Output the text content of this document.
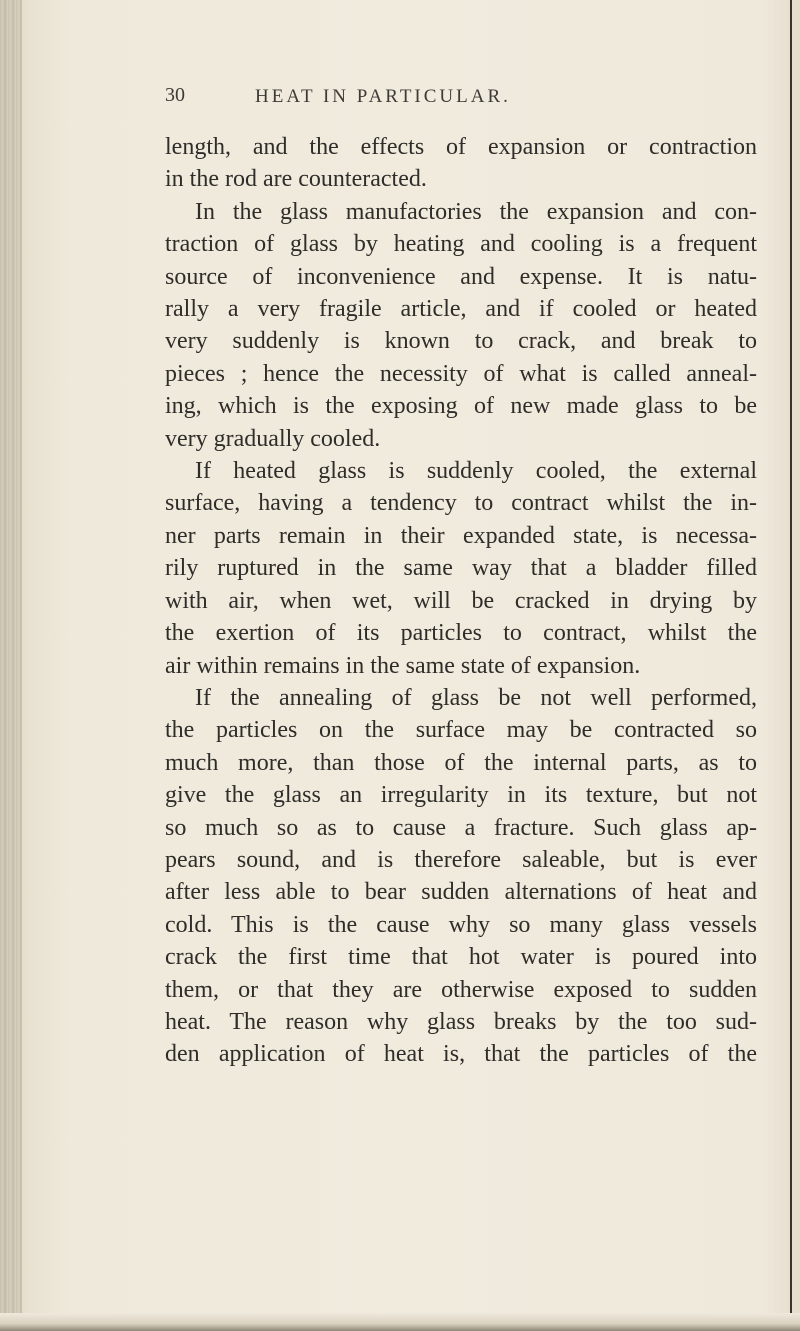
30	HEAT IN PARTICULAR.
length, and the effects of expansion or contraction
in the rod are counteracted.
In the glass manufactories the expansion and con-
traction of glass by heating and cooling is a frequent
source of inconvenience and expense. It is natu-
rally a very fragile article, and if cooled or heated
very suddenly is known to crack, and break to
pieces ; hence the necessity of what is called anneal-
ing, which is the exposing of new made glass to be
very gradually cooled.
If heated glass is suddenly cooled, the external
surface, having a tendency to contract whilst the in-
ner parts remain in their expanded state, is necessa-
rily ruptured in the same way that a bladder filled
with air, when wet, will be cracked in drying by
the exertion of its particles to contract, whilst the
air within remains in the same state of expansion.
If the annealing of glass be not well performed,
the particles on the surface may be contracted so
much more, than those of the internal parts, as to
give the glass an irregularity in its texture, but not
so much so as to cause a fracture. Such glass ap-
pears sound, and is therefore saleable, but is ever
after less able to bear sudden alternations of heat and
cold. This is the cause why so many glass vessels
crack the first time that hot water is poured into
them, or that they are otherwise exposed to sudden
heat. The reason why glass breaks by the too sud-
den application of heat is, that the particles of the
